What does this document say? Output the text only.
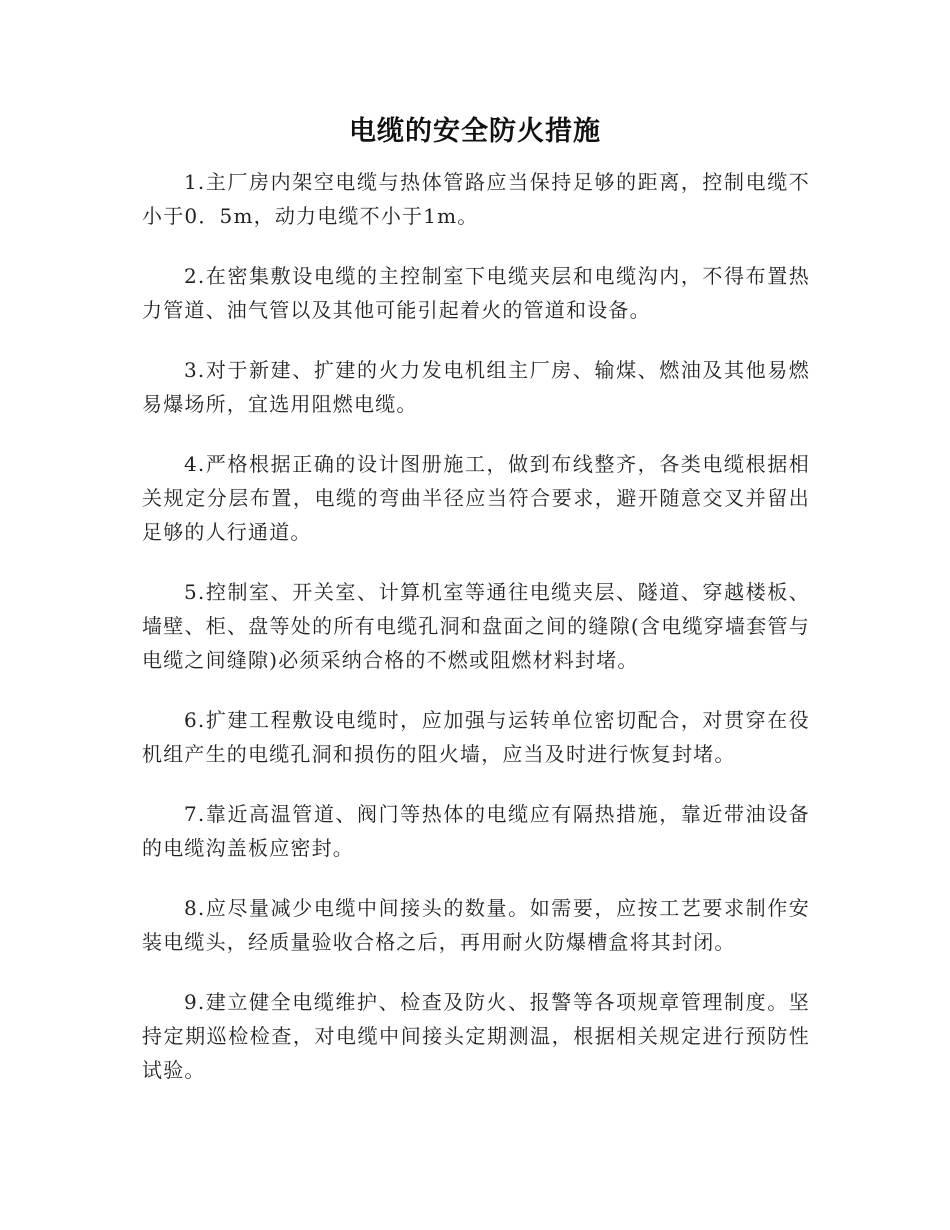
电缆的安全防火措施

1.主厂房内架空电缆与热体管路应当保持足够的距离，控制电缆不小于0．5m，动力电缆不小于1m。

2.在密集敷设电缆的主控制室下电缆夹层和电缆沟内，不得布置热力管道、油气管以及其他可能引起着火的管道和设备。

3.对于新建、扩建的火力发电机组主厂房、输煤、燃油及其他易燃易爆场所，宜选用阻燃电缆。

4.严格根据正确的设计图册施工，做到布线整齐，各类电缆根据相关规定分层布置，电缆的弯曲半径应当符合要求，避开随意交叉并留出足够的人行通道。

5.控制室、开关室、计算机室等通往电缆夹层、隧道、穿越楼板、墙壁、柜、盘等处的所有电缆孔洞和盘面之间的缝隙(含电缆穿墙套管与电缆之间缝隙)必须采纳合格的不燃或阻燃材料封堵。

6.扩建工程敷设电缆时，应加强与运转单位密切配合，对贯穿在役机组产生的电缆孔洞和损伤的阻火墙，应当及时进行恢复封堵。

7.靠近高温管道、阀门等热体的电缆应有隔热措施，靠近带油设备的电缆沟盖板应密封。

8.应尽量减少电缆中间接头的数量。如需要，应按工艺要求制作安装电缆头，经质量验收合格之后，再用耐火防爆槽盒将其封闭。

9.建立健全电缆维护、检查及防火、报警等各项规章管理制度。坚持定期巡检检查，对电缆中间接头定期测温，根据相关规定进行预防性试验。
